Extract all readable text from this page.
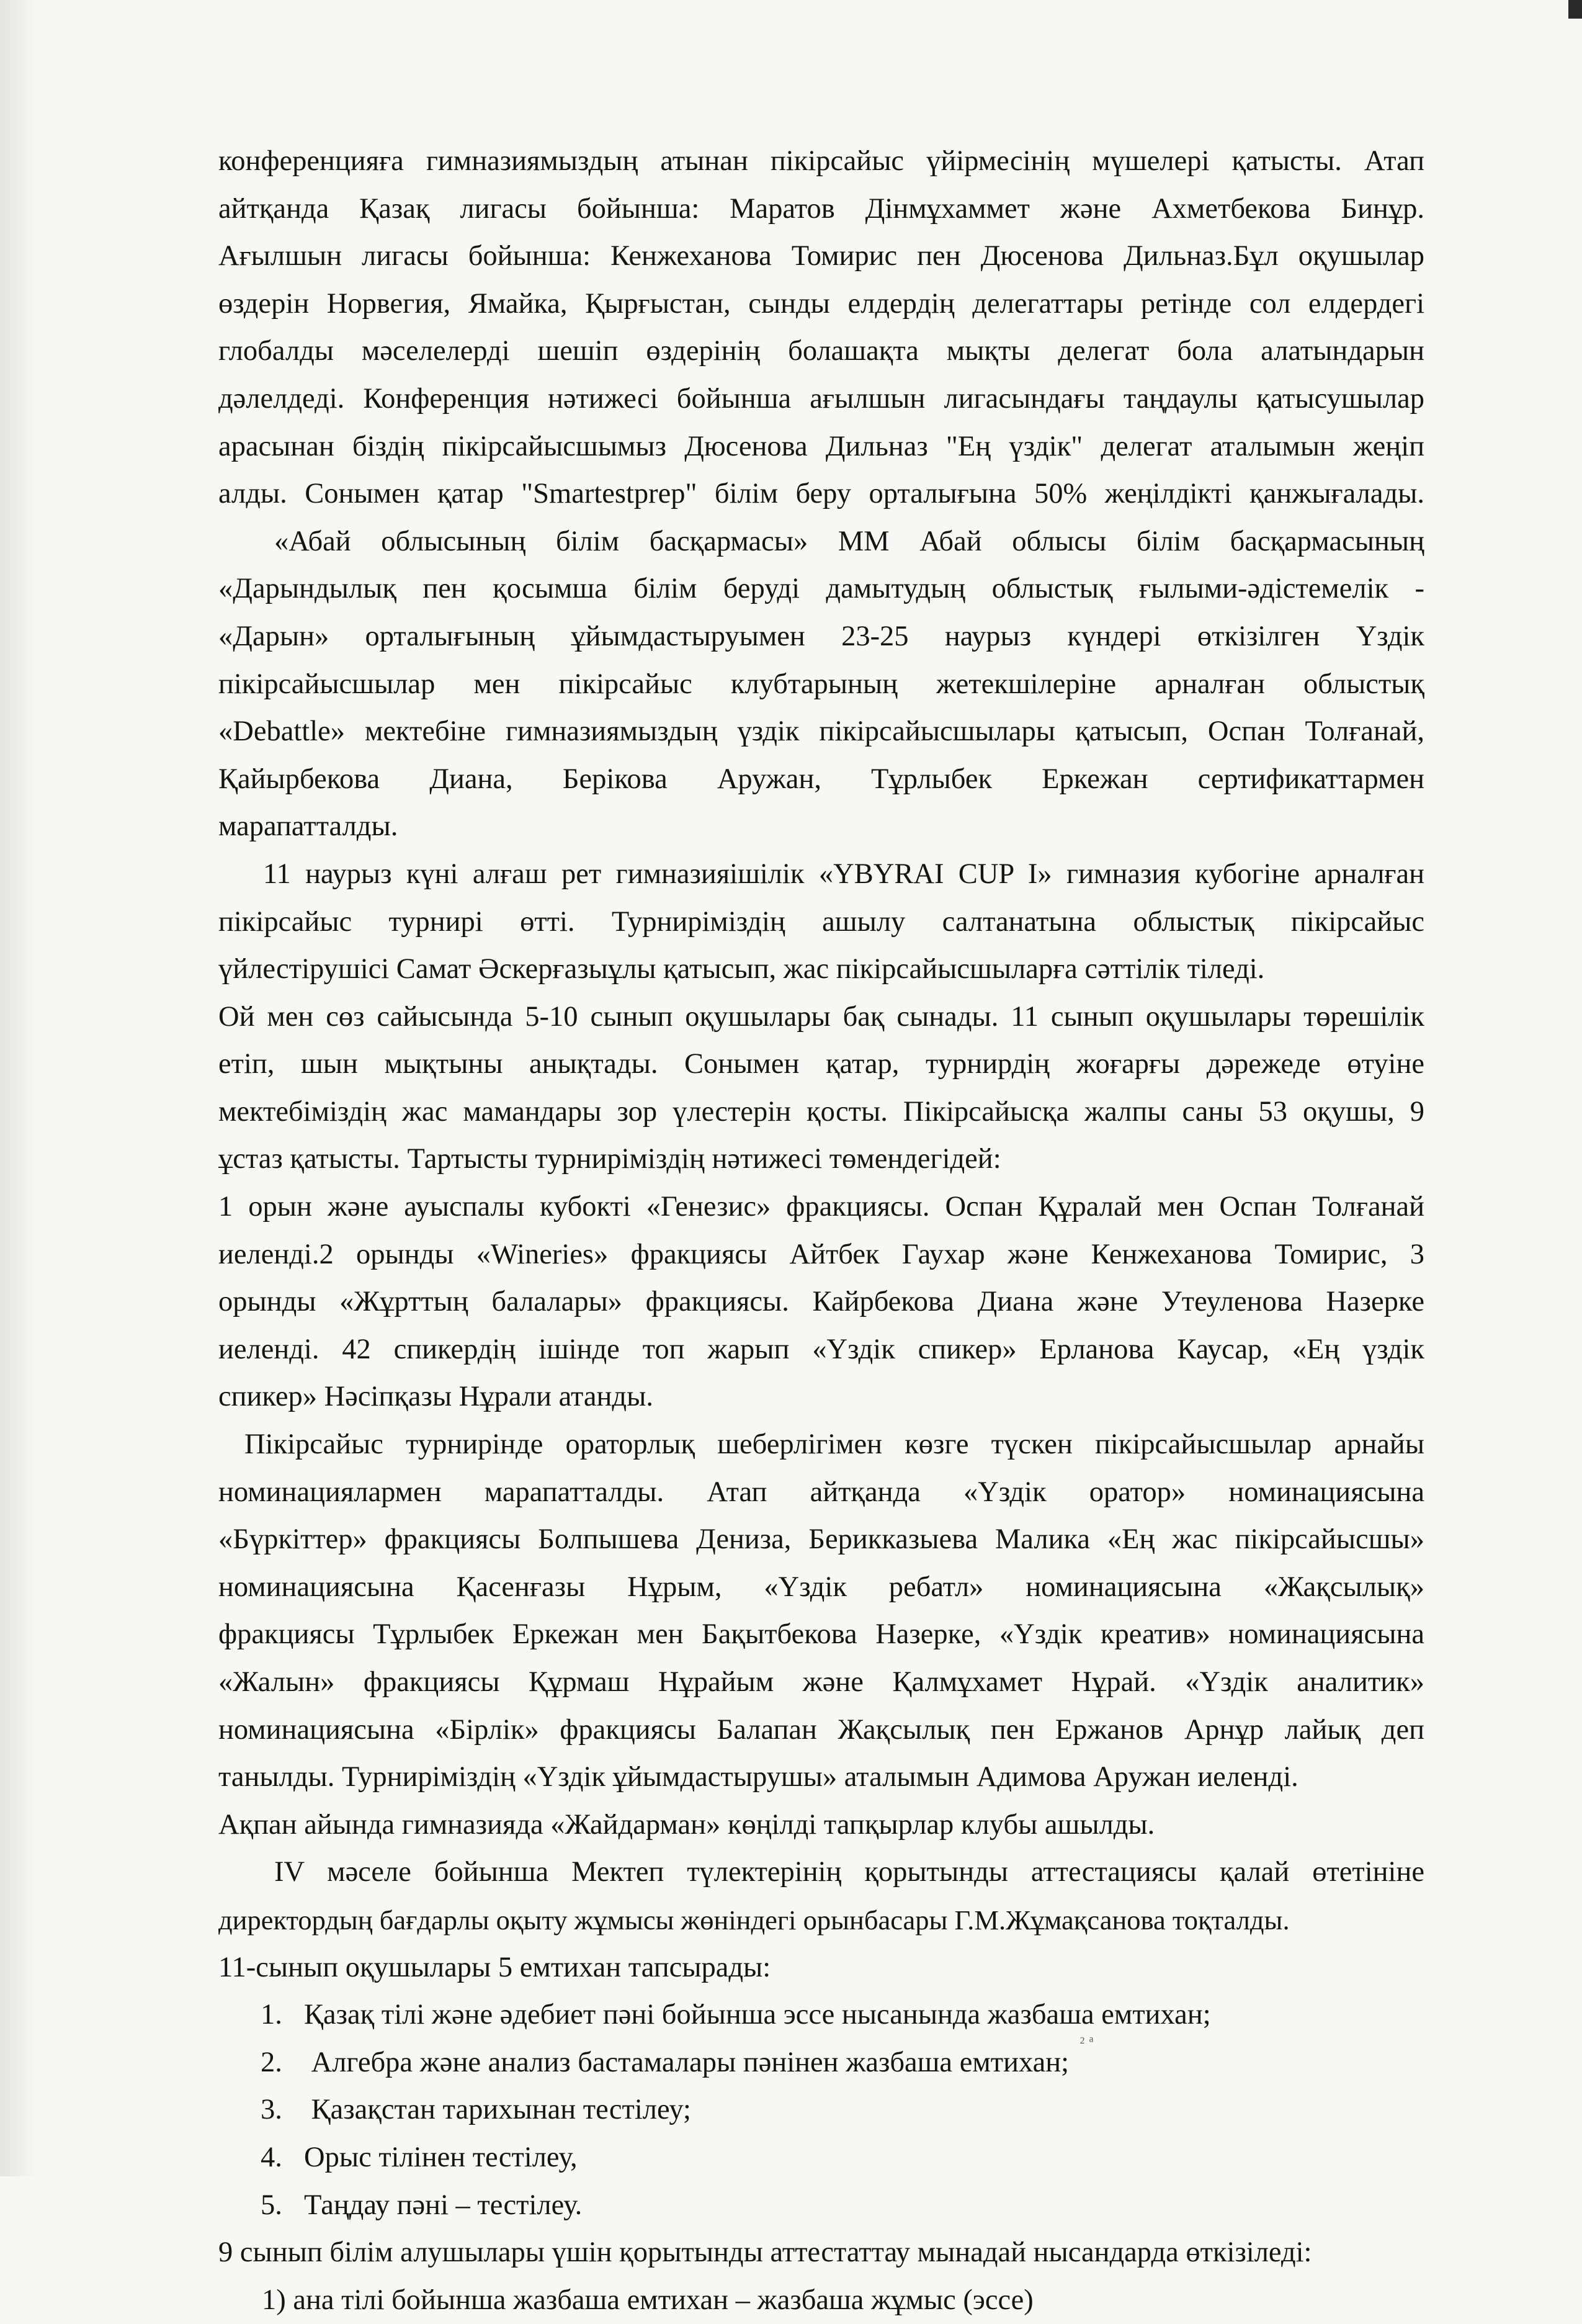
конференцияға гимназиямыздың атынан пікірсайыс үйірмесінің мүшелері қатысты. Атап
айтқанда Қазақ лигасы бойынша: Маратов Дінмұхаммет және Ахметбекова Бинұр.
Ағылшын лигасы бойынша: Кенжеханова Томирис пен Дюсенова Дильназ.Бұл оқушылар
өздерін Норвегия, Ямайка, Қырғыстан, сынды елдердің делегаттары ретінде сол елдердегі
глобалды мәселелерді шешіп өздерінің болашақта мықты делегат бола алатындарын
дәлелдеді. Конференция нәтижесі бойынша ағылшын лигасындағы таңдаулы қатысушылар
арасынан біздің пікірсайысшымыз Дюсенова Дильназ "Ең үздік" делегат аталымын жеңіп
алды. Сонымен қатар "Smartestprep" білім беру орталығына 50% жеңілдікті қанжығалады.

«Абай облысының білім басқармасы» ММ Абай облысы білім басқармасының
«Дарындылық пен қосымша білім беруді дамытудың облыстық ғылыми-әдістемелік -
«Дарын» орталығының ұйымдастыруымен 23-25 наурыз күндері өткізілген Үздік
пікірсайысшылар мен пікірсайыс клубтарының жетекшілеріне арналған облыстық
«Debattle» мектебіне гимназиямыздың үздік пікірсайысшылары қатысып, Оспан Толғанай,
Қайырбекова Диана, Берікова Аружан, Тұрлыбек Еркежан сертификаттармен
марапатталды.

11 наурыз күні алғаш рет гимназияішілік «YBYRAI CUP I» гимназия кубогіне арналған
пікірсайыс турнирі өтті. Турниріміздің ашылу салтанатына облыстық пікірсайыс
үйлестірушісі Самат Әскерғазыұлы қатысып, жас пікірсайысшыларға сәттілік тіледі.

Ой мен сөз сайысында 5-10 сынып оқушылары бақ сынады. 11 сынып оқушылары төрешілік
етіп, шын мықтыны анықтады. Сонымен қатар, турнирдің жоғарғы дәрежеде өтуіне
мектебіміздің жас мамандары зор үлестерін қосты. Пікірсайысқа жалпы саны 53 оқушы, 9
ұстаз қатысты. Тартысты турниріміздің нәтижесі төмендегідей:

1 орын және ауыспалы кубокті «Генезис» фракциясы. Оспан Құралай мен Оспан Толғанай
иеленді.2 орынды «Wineries» фракциясы Айтбек Гаухар және Кенжеханова Томирис, 3
орынды «Жұрттың балалары» фракциясы. Кайрбекова Диана және Утеуленова Назерке
иеленді. 42 спикердің ішінде топ жарып «Үздік спикер» Ерланова Каусар, «Ең үздік
спикер» Нәсіпқазы Нұрали атанды.

Пікірсайыс турнирінде ораторлық шеберлігімен көзге түскен пікірсайысшылар арнайы
номинациялармен марапатталды. Атап айтқанда «Үздік оратор» номинациясына
«Бүркіттер» фракциясы Болпышева Дениза, Берикказыева Малика «Ең жас пікірсайысшы»
номинациясына Қасенғазы Нұрым, «Үздік ребатл» номинациясына «Жақсылық»
фракциясы Тұрлыбек Еркежан мен Бақытбекова Назерке, «Үздік креатив» номинациясына
«Жалын» фракциясы Құрмаш Нұрайым және Қалмұхамет Нұрай. «Үздік аналитик»
номинациясына «Бірлік» фракциясы Балапан Жақсылық пен Ержанов Арнұр лайық деп
танылды. Турниріміздің «Үздік ұйымдастырушы» аталымын Адимова Аружан иеленді.

Ақпан айында гимназияда «Жайдарман» көңілді тапқырлар клубы ашылды.

IV мәселе бойынша Мектеп түлектерінің қорытынды аттестациясы қалай өтетініне
директордың бағдарлы оқыту жұмысы жөніндегі орынбасары Г.М.Жұмақсанова тоқталды.

11-сынып оқушылары 5 емтихан тапсырады:

1. Қазақ тілі және әдебиет пәні бойынша эссе нысанында жазбаша емтихан;
2. Алгебра және анализ бастамалары пәнінен жазбаша емтихан;
3. Қазақстан тарихынан тестілеу;
4. Орыс тілінен тестілеу,
5. Таңдау пәні – тестілеу.

9 сынып білім алушылары үшін қорытынды аттестаттау мынадай нысандарда өткізіледі:
1) ана тілі бойынша жазбаша емтихан – жазбаша жұмыс (эссе)

₂ ₐ
